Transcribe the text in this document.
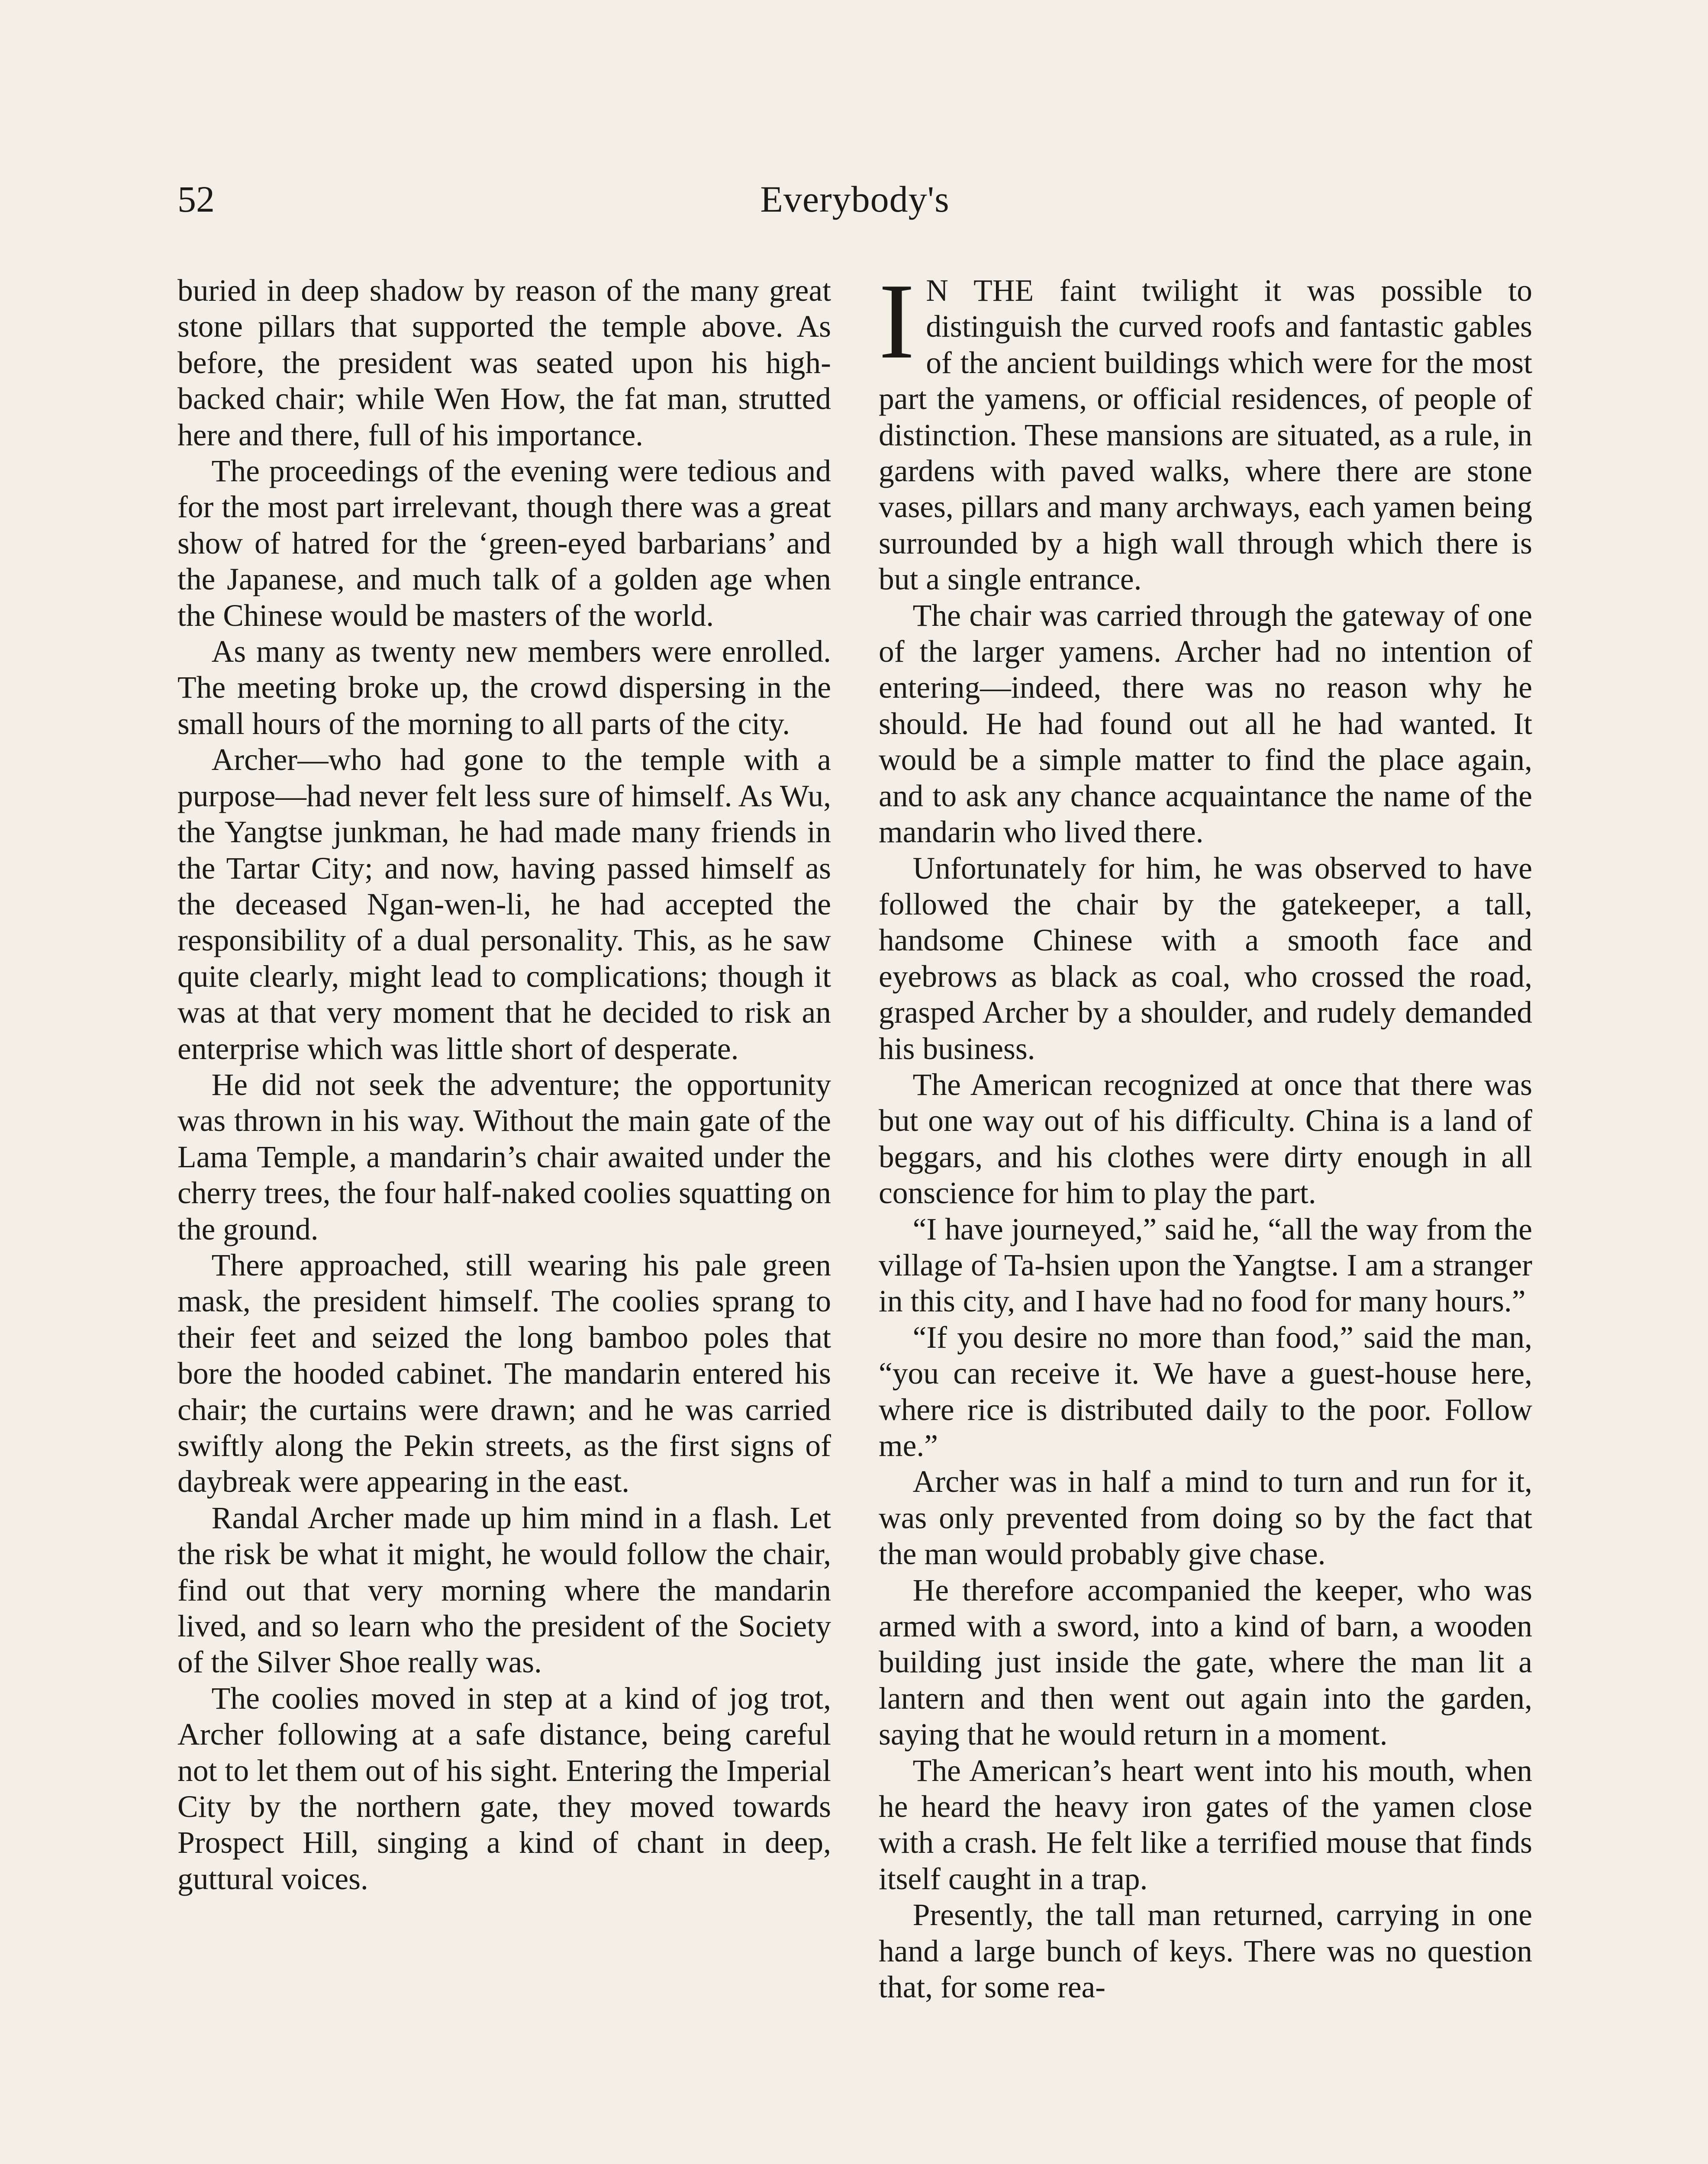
52	Everybody's

buried in deep shadow by reason of the many great stone pillars that supported the temple above. As before, the president was seated upon his high-backed chair; while Wen How, the fat man, strutted here and there, full of his importance.

The proceedings of the evening were tedious and for the most part irrelevant, though there was a great show of hatred for the ‘green-eyed barbarians’ and the Japanese, and much talk of a golden age when the Chinese would be masters of the world.

As many as twenty new members were enrolled. The meeting broke up, the crowd dispersing in the small hours of the morning to all parts of the city.

Archer—who had gone to the temple with a purpose—had never felt less sure of himself. As Wu, the Yangtse junkman, he had made many friends in the Tartar City; and now, having passed himself as the deceased Ngan-wen-li, he had accepted the responsibility of a dual personality. This, as he saw quite clearly, might lead to complications; though it was at that very moment that he decided to risk an enterprise which was little short of desperate.

He did not seek the adventure; the opportunity was thrown in his way. Without the main gate of the Lama Temple, a mandarin’s chair awaited under the cherry trees, the four half-naked coolies squatting on the ground.

There approached, still wearing his pale green mask, the president himself. The coolies sprang to their feet and seized the long bamboo poles that bore the hooded cabinet. The mandarin entered his chair; the curtains were drawn; and he was carried swiftly along the Pekin streets, as the first signs of daybreak were appearing in the east.

Randal Archer made up him mind in a flash. Let the risk be what it might, he would follow the chair, find out that very morning where the mandarin lived, and so learn who the president of the Society of the Silver Shoe really was.

The coolies moved in step at a kind of jog trot, Archer following at a safe distance, being careful not to let them out of his sight. Entering the Imperial City by the northern gate, they moved towards Prospect Hill, singing a kind of chant in deep, guttural voices.

I N THE faint twilight it was possible to distinguish the curved roofs and fantastic gables of the ancient buildings which were for the most part the yamens, or official residences, of people of distinction. These mansions are situated, as a rule, in gardens with paved walks, where there are stone vases, pillars and many archways, each yamen being surrounded by a high wall through which there is but a single entrance.

The chair was carried through the gateway of one of the larger yamens. Archer had no intention of entering—indeed, there was no reason why he should. He had found out all he had wanted. It would be a simple matter to find the place again, and to ask any chance acquaintance the name of the mandarin who lived there.

Unfortunately for him, he was observed to have followed the chair by the gatekeeper, a tall, handsome Chinese with a smooth face and eyebrows as black as coal, who crossed the road, grasped Archer by a shoulder, and rudely demanded his business.

The American recognized at once that there was but one way out of his difficulty. China is a land of beggars, and his clothes were dirty enough in all conscience for him to play the part.

“I have journeyed,” said he, “all the way from the village of Ta-hsien upon the Yangtse. I am a stranger in this city, and I have had no food for many hours.”

“If you desire no more than food,” said the man, “you can receive it. We have a guest-house here, where rice is distributed daily to the poor. Follow me.”

Archer was in half a mind to turn and run for it, was only prevented from doing so by the fact that the man would probably give chase.

He therefore accompanied the keeper, who was armed with a sword, into a kind of barn, a wooden building just inside the gate, where the man lit a lantern and then went out again into the garden, saying that he would return in a moment.

The American’s heart went into his mouth, when he heard the heavy iron gates of the yamen close with a crash. He felt like a terrified mouse that finds itself caught in a trap.

Presently, the tall man returned, carrying in one hand a large bunch of keys. There was no question that, for some rea-
